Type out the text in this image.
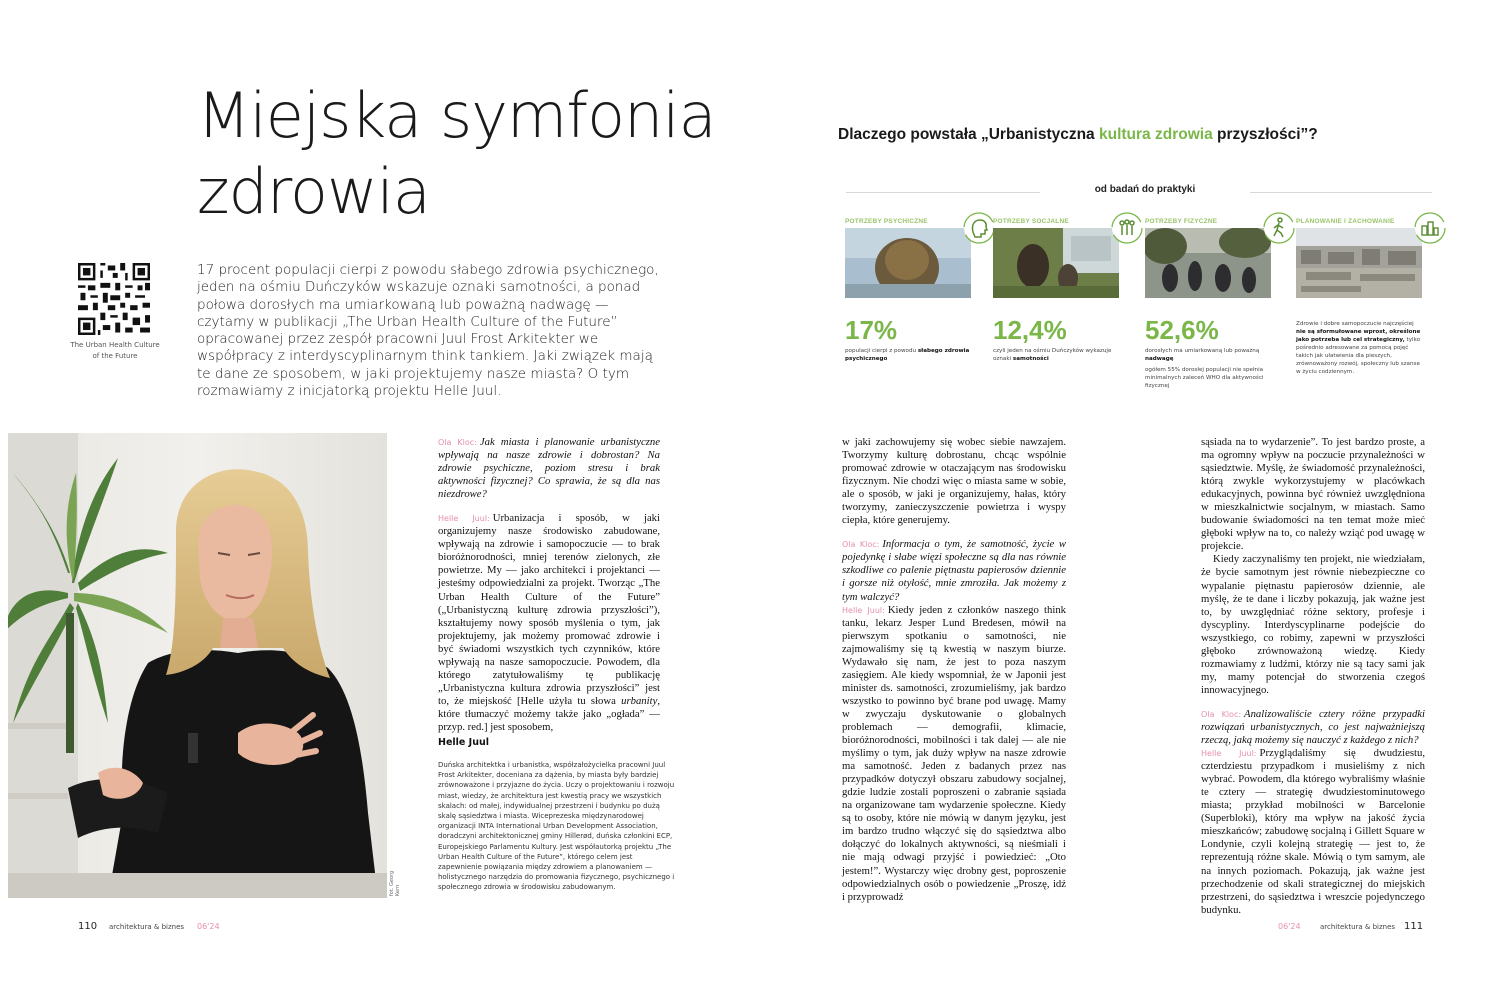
Miejska symfonia
zdrowia
The Urban Health Culture of the Future

17 procent populacji cierpi z powodu słabego zdrowia psychicznego, jeden na ośmiu Duńczyków wskazuje oznaki samotności, a ponad połowa dorosłych ma umiarkowaną lub poważną nadwagę — czytamy w publikacji „The Urban Health Culture of the Future” opracowanej przez zespół pracowni Juul Frost Arkitekter we współpracy z interdyscyplinarnym think tankiem. Jaki związek mają te dane ze sposobem, w jaki projektujemy nasze miasta? O tym rozmawiamy z inicjatorką projektu Helle Juul.

fot. Georg Kern

Ola Kloc: Jak miasta i planowanie urbanistyczne wpływają na nasze zdrowie i dobrostan? Na zdrowie psychiczne, poziom stresu i brak aktywności fizycznej? Co sprawia, że są dla nas niezdrowe?

Helle Juul: Urbanizacja i sposób, w jaki organizujemy nasze środowisko zabudowane, wpływają na zdrowie i samopoczucie — to brak bioróżnorodności, mniej terenów zielonych, złe powietrze. My — jako architekci i projektanci — jesteśmy odpowiedzialni za projekt. Tworząc „The Urban Health Culture of the Future” („Urbanistyczną kulturę zdrowia przyszłości”), kształtujemy nowy sposób myślenia o tym, jak projektujemy, jak możemy promować zdrowie i być świadomi wszystkich tych czynników, które wpływają na nasze samopoczucie. Powodem, dla którego zatytułowaliśmy tę publikację „Urbanistyczna kultura zdrowia przyszłości” jest to, że miejskość [Helle użyła tu słowa urbanity, które tłumaczyć możemy także jako „ogłada” — przyp. red.] jest sposobem,

Helle Juul

Duńska architektka i urbanistka, współzałożycielka pracowni Juul Frost Arkitekter, doceniana za dążenia, by miasta były bardziej zrównoważone i przyjazne do życia. Uczy o projektowaniu i rozwoju miast, wiedzy, że architektura jest kwestią pracy we wszystkich skalach: od małej, indywidualnej przestrzeni i budynku po dużą skalę sąsiedztwa i miasta. Wiceprezeska międzynarodowej organizacji INTA International Urban Development Association, doradczyni architektonicznej gminy Hillerød, duńska członkini ECP, Europejskiego Parlamentu Kultury. Jest współautorką projektu „The Urban Health Culture of the Future”, którego celem jest zapewnienie powiązania między zdrowiem a planowaniem — holistycznego narzędzia do promowania fizycznego, psychicznego i społecznego zdrowia w środowisku zabudowanym.

110 architektura & biznes 06'24
Dlaczego powstała „Urbanistyczna kultura zdrowia przyszłości”?
od badań do praktyki
POTRZEBY PSYCHICZNE
17%
populacji cierpi z powodu słabego zdrowia psychicznego
POTRZEBY SOCJALNE
12,4%
czyli jeden na ośmiu Duńczyków wykazuje oznaki samotności
POTRZEBY FIZYCZNE
52,6%
dorosłych ma umiarkowaną lub poważną nadwagę
ogółem 55% dorosłej populacji nie spełnia minimalnych zaleceń WHO dla aktywności fizycznej
PLANOWANIE I ZACHOWANIE
Zdrowie i dobre samopoczucie najczęściej nie są sformułowane wprost, określone jako potrzeba lub cel strategiczny, tylko pośrednio adresowane za pomocą pojęć takich jak ułatwienia dla pieszych, zrównoważony rozwój, społeczny lub szanse w życiu codziennym.

w jaki zachowujemy się wobec siebie nawzajem. Tworzymy kulturę dobrostanu, chcąc wspólnie promować zdrowie w otaczającym nas środowisku fizycznym. Nie chodzi więc o miasta same w sobie, ale o sposób, w jaki je organizujemy, hałas, który tworzymy, zanieczyszczenie powietrza i wyspy ciepła, które generujemy.

Ola Kloc: Informacja o tym, że samotność, życie w pojedynkę i słabe więzi społeczne są dla nas równie szkodliwe co palenie piętnastu papierosów dziennie i gorsze niż otyłość, mnie zmroziła. Jak możemy z tym walczyć?

Helle Juul: Kiedy jeden z członków naszego think tanku, lekarz Jesper Lund Bredesen, mówił na pierwszym spotkaniu o samotności, nie zajmowaliśmy się tą kwestią w naszym biurze. Wydawało się nam, że jest to poza naszym zasięgiem. Ale kiedy wspomniał, że w Japonii jest minister ds. samotności, zrozumieliśmy, jak bardzo wszystko to powinno być brane pod uwagę. Mamy w zwyczaju dyskutowanie o globalnych problemach — demografii, klimacie, bioróżnorodności, mobilności i tak dalej — ale nie myślimy o tym, jak duży wpływ na nasze zdrowie ma samotność. Jeden z badanych przez nas przypadków dotyczył obszaru zabudowy socjalnej, gdzie ludzie zostali poproszeni o zabranie sąsiada na organizowane tam wydarzenie społeczne. Kiedy są to osoby, które nie mówią w danym języku, jest im bardzo trudno włączyć się do sąsiedztwa albo dołączyć do lokalnych aktywności, są nieśmiali i nie mają odwagi przyjść i powiedzieć: „Oto jestem!”. Wystarczy więc drobny gest, poproszenie odpowiedzialnych osób o powiedzenie „Proszę, idź i przyprowadź

sąsiada na to wydarzenie”. To jest bardzo proste, a ma ogromny wpływ na poczucie przynależności w sąsiedztwie. Myślę, że świadomość przynależności, którą zwykle wykorzystujemy w placówkach edukacyjnych, powinna być również uwzględniona w mieszkalnictwie socjalnym, w miastach. Samo budowanie świadomości na ten temat może mieć głęboki wpływ na to, co należy wziąć pod uwagę w projekcie.

Kiedy zaczynaliśmy ten projekt, nie wiedziałam, że bycie samotnym jest równie niebezpieczne co wypalanie piętnastu papierosów dziennie, ale myślę, że te dane i liczby pokazują, jak ważne jest to, by uwzględniać różne sektory, profesje i dyscypliny. Interdyscyplinarne podejście do wszystkiego, co robimy, zapewni w przyszłości głęboko zrównoważoną wiedzę. Kiedy rozmawiamy z ludźmi, którzy nie są tacy sami jak my, mamy potencjał do stworzenia czegoś innowacyjnego.

Ola Kloc: Analizowaliście cztery różne przypadki rozwiązań urbanistycznych, co jest najważniejszą rzeczą, jaką możemy się nauczyć z każdego z nich?

Helle Juul: Przyglądaliśmy się dwudziestu, czterdziestu przypadkom i musieliśmy z nich wybrać. Powodem, dla którego wybraliśmy właśnie te cztery — strategię dwudziestominutowego miasta; przykład mobilności w Barcelonie (Superbloki), który ma wpływ na jakość życia mieszkańców; zabudowę socjalną i Gillett Square w Londynie, czyli kolejną strategię — jest to, że reprezentują różne skale. Mówią o tym samym, ale na innych poziomach. Pokazują, jak ważne jest przechodzenie od skali strategicznej do miejskich przestrzeni, do sąsiedztwa i wreszcie pojedynczego budynku.

06'24	architektura & biznes 111
